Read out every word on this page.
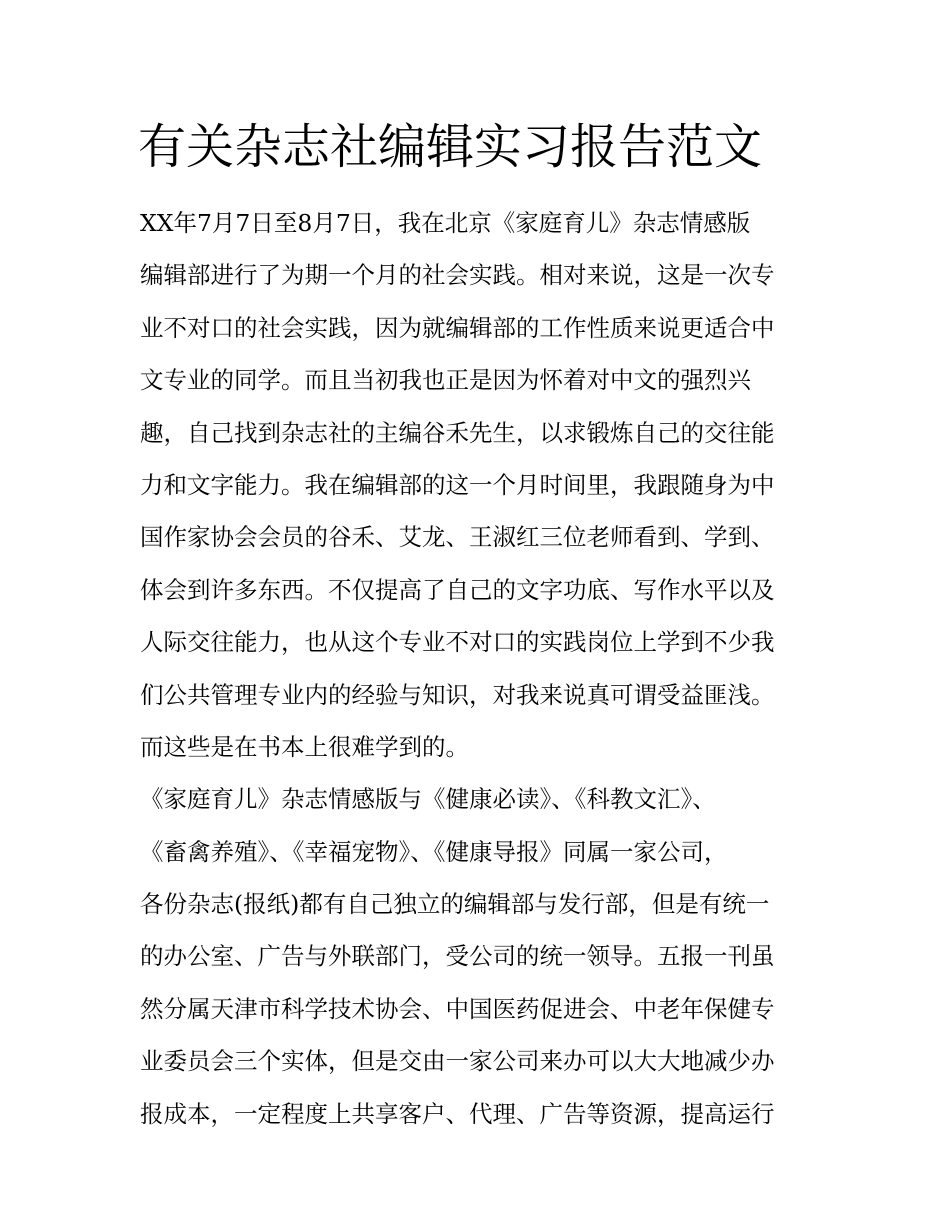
有关杂志社编辑实习报告范文
XX年7月7日至8月7日，我在北京《家庭育儿》杂志情感版
编辑部进行了为期一个月的社会实践。相对来说，这是一次专
业不对口的社会实践，因为就编辑部的工作性质来说更适合中
文专业的同学。而且当初我也正是因为怀着对中文的强烈兴
趣，自己找到杂志社的主编谷禾先生，以求锻炼自己的交往能
力和文字能力。我在编辑部的这一个月时间里，我跟随身为中
国作家协会会员的谷禾、艾龙、王淑红三位老师看到、学到、
体会到许多东西。不仅提高了自己的文字功底、写作水平以及
人际交往能力，也从这个专业不对口的实践岗位上学到不少我
们公共管理专业内的经验与知识，对我来说真可谓受益匪浅。
而这些是在书本上很难学到的。
《家庭育儿》杂志情感版与《健康必读》、《科教文汇》、
《畜禽养殖》、《幸福宠物》、《健康导报》同属一家公司，
各份杂志(报纸)都有自己独立的编辑部与发行部，但是有统一
的办公室、广告与外联部门，受公司的统一领导。五报一刊虽
然分属天津市科学技术协会、中国医药促进会、中老年保健专
业委员会三个实体，但是交由一家公司来办可以大大地减少办
报成本，一定程度上共享客户、代理、广告等资源，提高运行
